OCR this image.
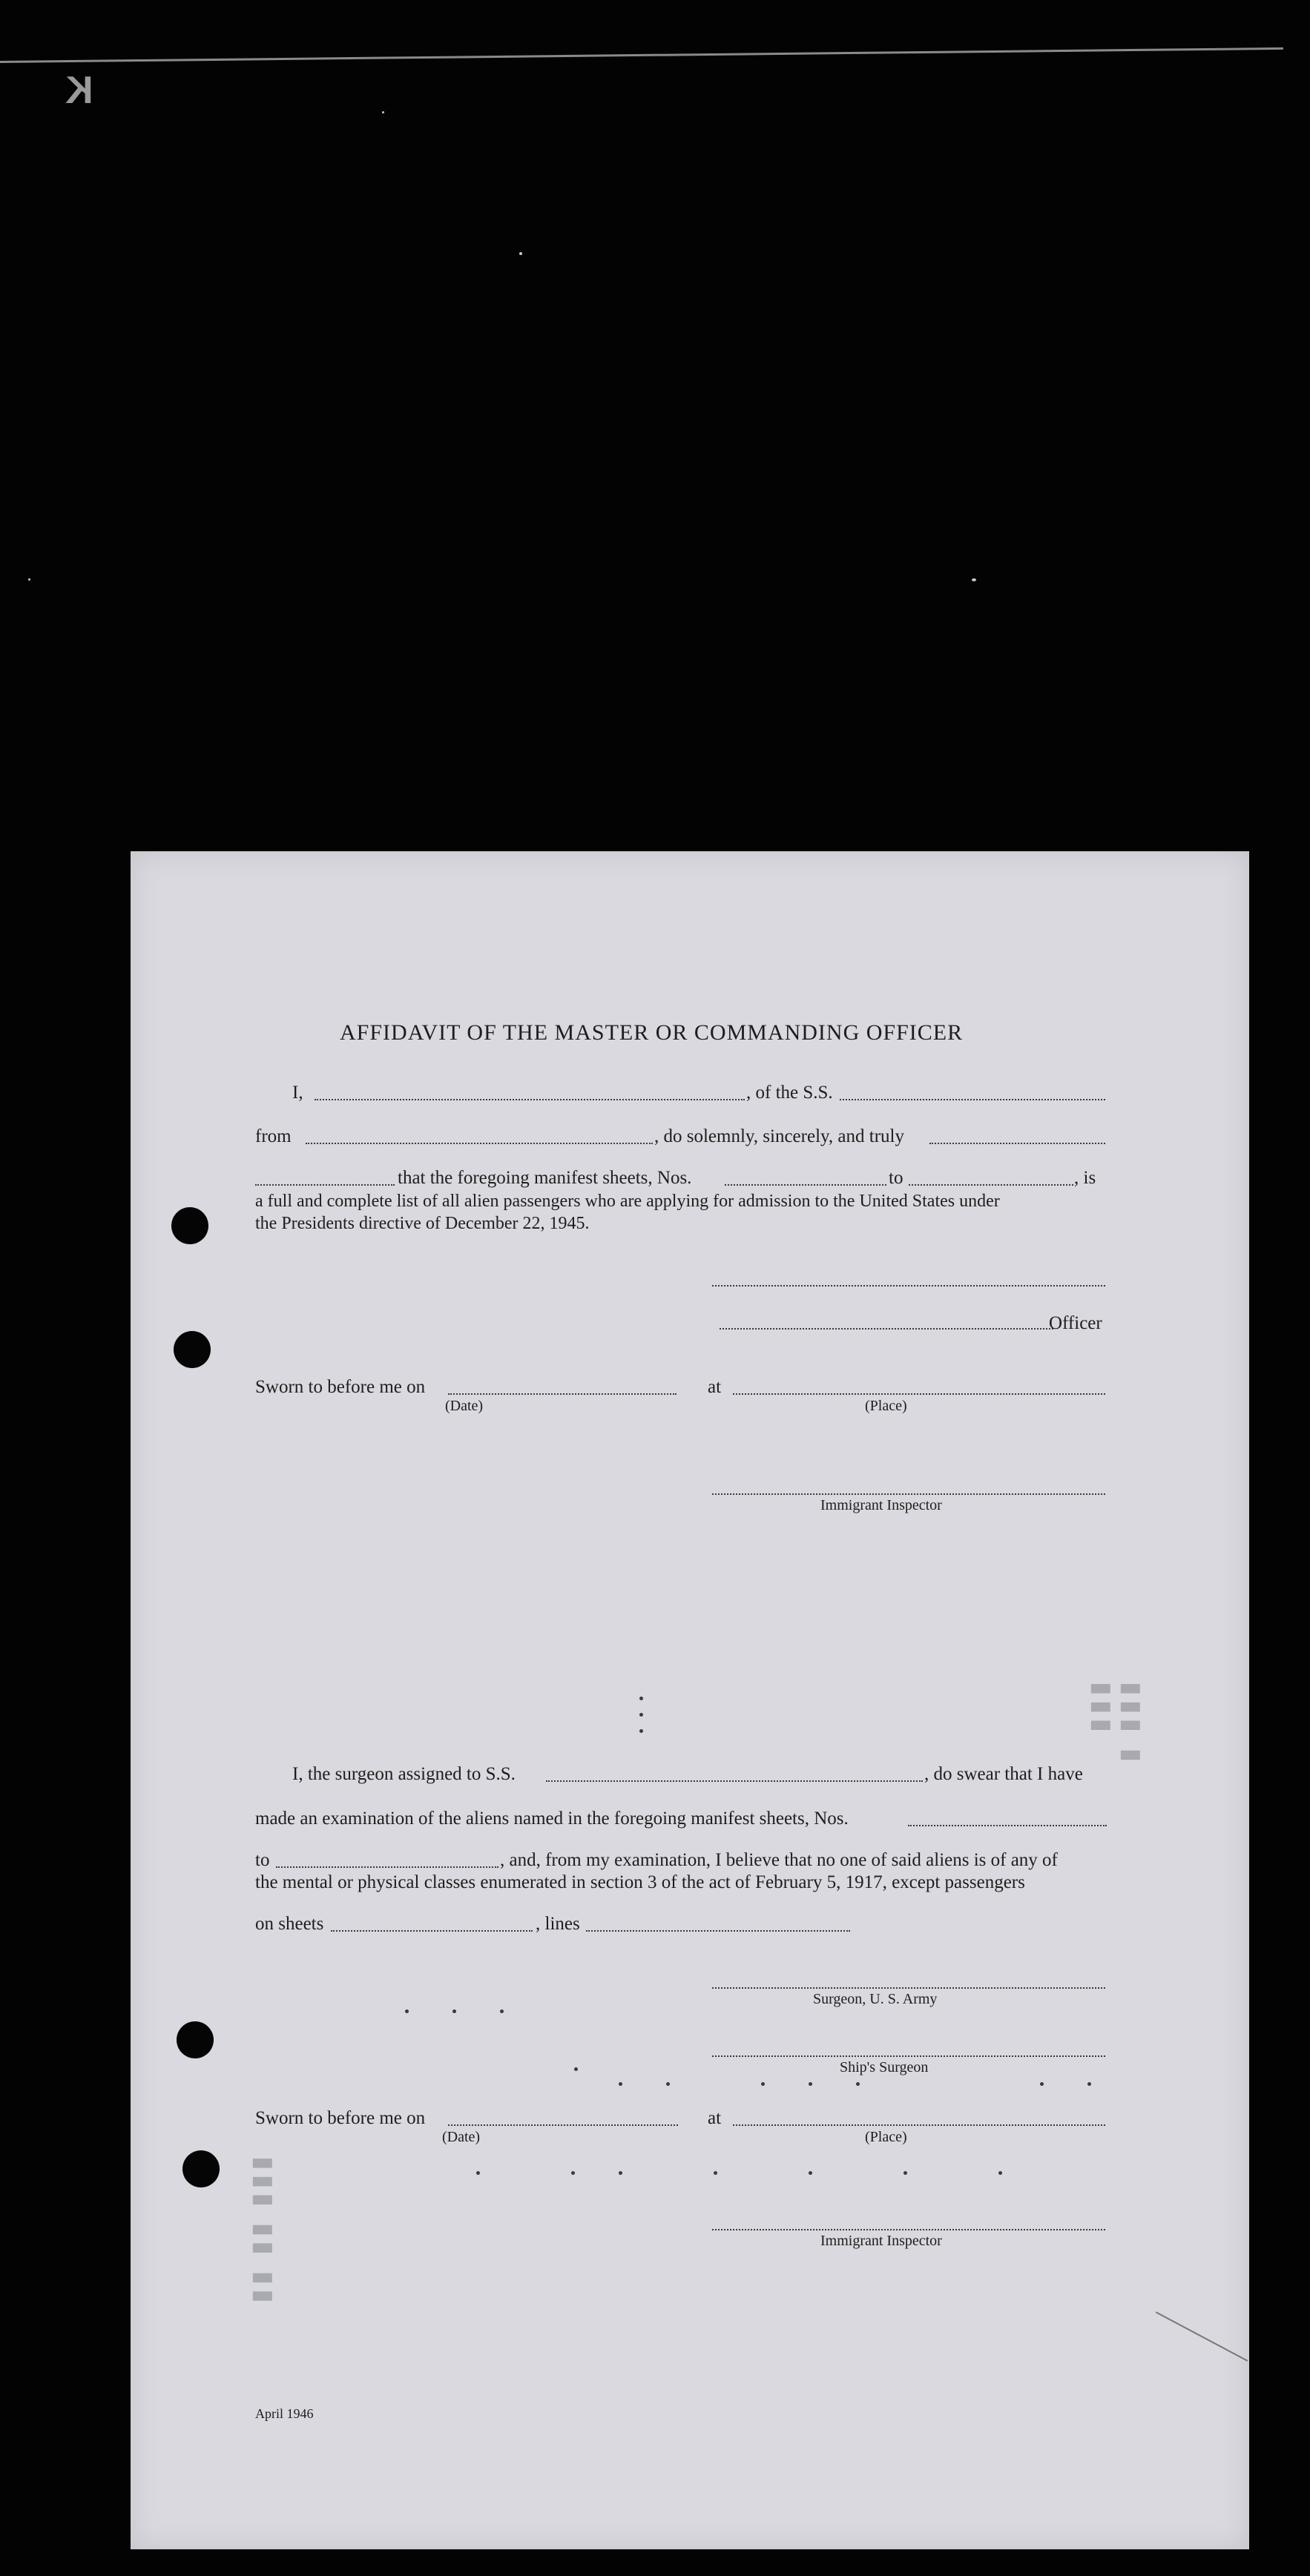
K
▮▮▮ ▮ ▮▮▮
▮▮▮ ▮▮ ▮▮
AFFIDAVIT OF THE MASTER OR COMMANDING OFFICER
I,	, of the S.S.
from	, do solemnly, sincerely, and truly
that the foregoing manifest sheets, Nos.	to	, is
a full and complete list of all alien passengers who are applying for admission to the United States under
the Presidents directive of December 22, 1945.
Officer
Sworn to before me on	at
(Date)	(Place)
Immigrant Inspector
I, the surgeon assigned to S.S.	, do swear that I have
made an examination of the aliens named in the foregoing manifest sheets, Nos.
to	, and, from my examination, I believe that no one of said aliens is of any of
the mental or physical classes enumerated in section 3 of the act of February 5, 1917, except passengers
on sheets	, lines
Surgeon, U. S. Army
Ship's Surgeon
Sworn to before me on	at
(Date)	(Place)
Immigrant Inspector
April 1946
